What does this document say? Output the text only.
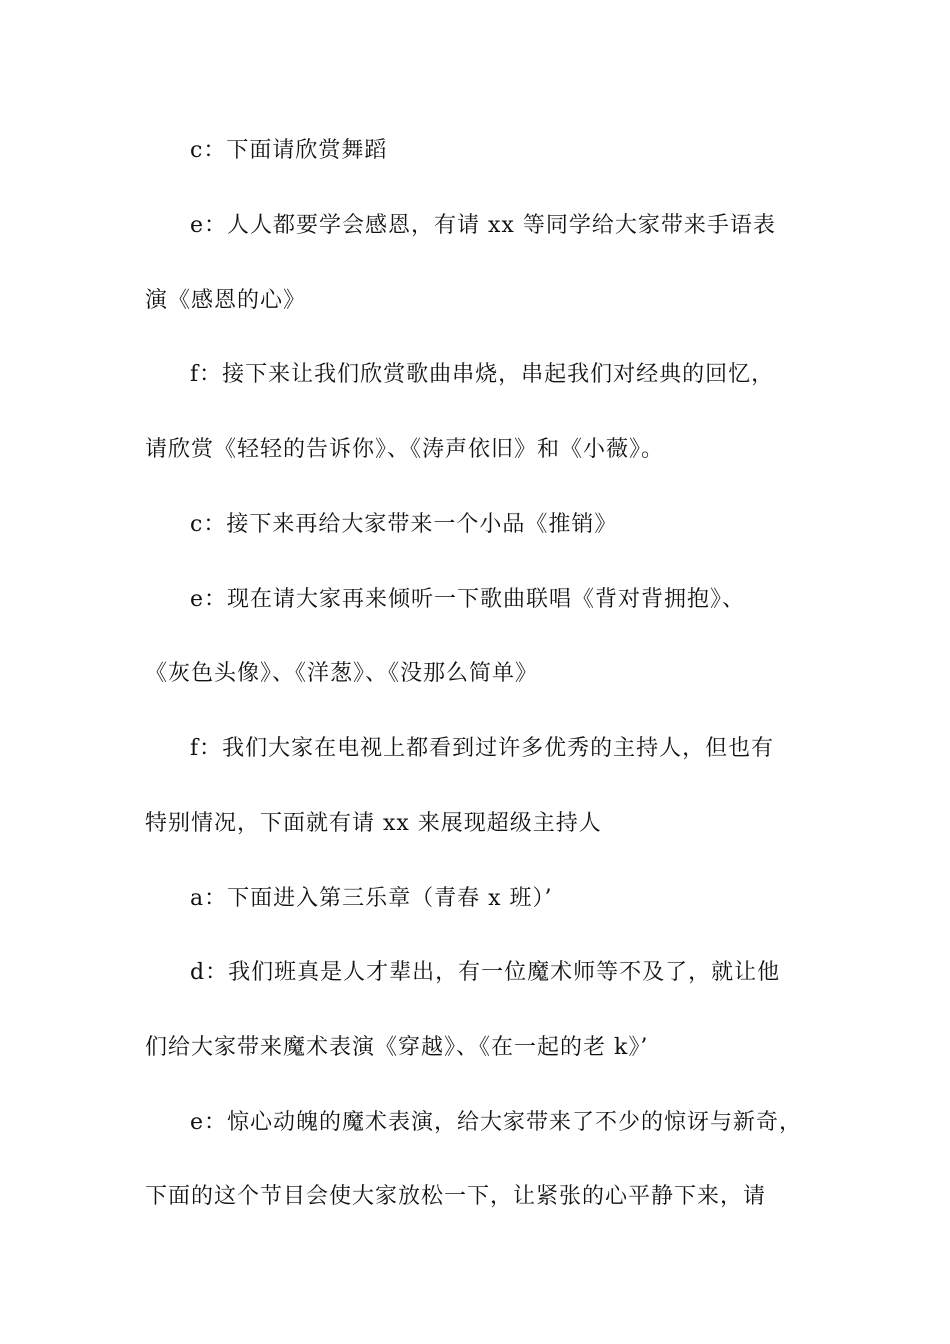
c：下面请欣赏舞蹈
e：人人都要学会感恩，有请 xx 等同学给大家带来手语表
演《感恩的心》
f：接下来让我们欣赏歌曲串烧，串起我们对经典的回忆，
请欣赏《轻轻的告诉你》、《涛声依旧》和《小薇》。
c：接下来再给大家带来一个小品《推销》
e：现在请大家再来倾听一下歌曲联唱《背对背拥抱》、
《灰色头像》、《洋葱》、《没那么简单》
f：我们大家在电视上都看到过许多优秀的主持人，但也有
特别情况，下面就有请 xx 来展现超级主持人
a：下面进入第三乐章（青春 x 班）’
d：我们班真是人才辈出，有一位魔术师等不及了，就让他
们给大家带来魔术表演《穿越》、《在一起的老 k》’
e：惊心动魄的魔术表演，给大家带来了不少的惊讶与新奇，
下面的这个节目会使大家放松一下，让紧张的心平静下来，请
